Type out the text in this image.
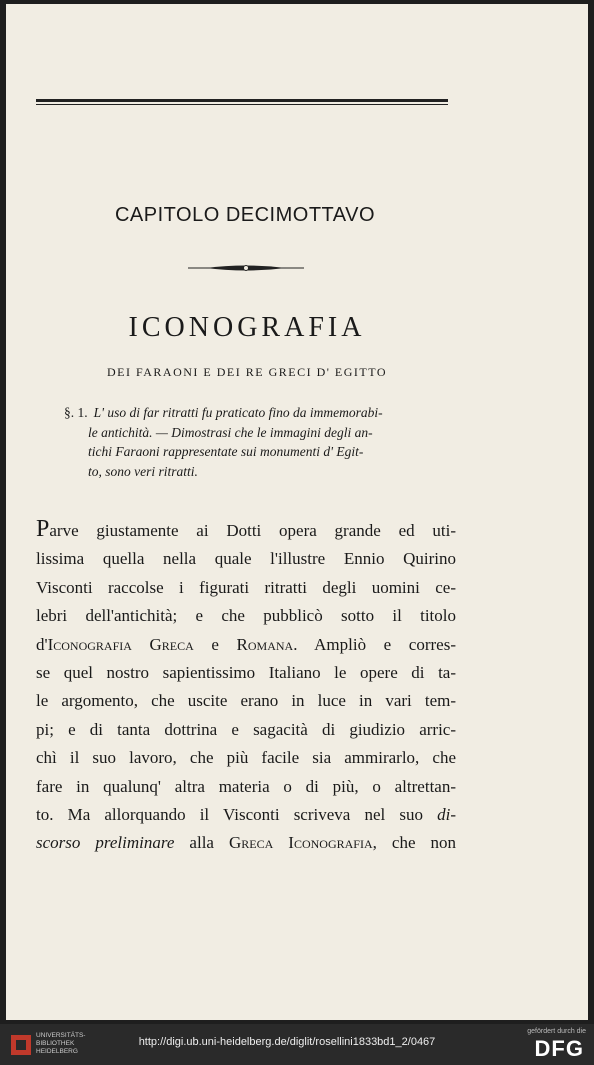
CAPITOLO DECIMOTTAVO
ICONOGRAFIA
DEI FARAONI E DEI RE GRECI D' EGITTO
§. 1. L' uso di far ritratti fu praticato fino da immemorabi-
le antichità. — Dimostrasi che le immagini degli an-
tichi Faraoni rappresentate sui monumenti d' Egit-
to, sono veri ritratti.
Parve giustamente ai Dotti opera grande ed uti-
lissima quella nella quale l'illustre Ennio Quirino
Visconti raccolse i figurati ritratti degli uomini ce-
lebri dell'antichità; e che pubblicò sotto il titolo
d'Iconografia Greca e Romana. Ampliò e corres-
se quel nostro sapientissimo Italiano le opere di ta-
le argomento, che uscite erano in luce in vari tem-
pi; e di tanta dottrina e sagacità di giudizio arric-
chì il suo lavoro, che più facile sia ammirarlo, che
fare in qualunq' altra materia o di più, o altrettan-
to. Ma allorquando il Visconti scriveva nel suo di-
scorso preliminare alla Greca Iconografia, che non
UNIVERSITÄTS-
BIBLIOTHEK
HEIDELBERG
http://digi.ub.uni-heidelberg.de/diglit/rosellini1833bd1_2/0467
gefördert durch die
DFG
